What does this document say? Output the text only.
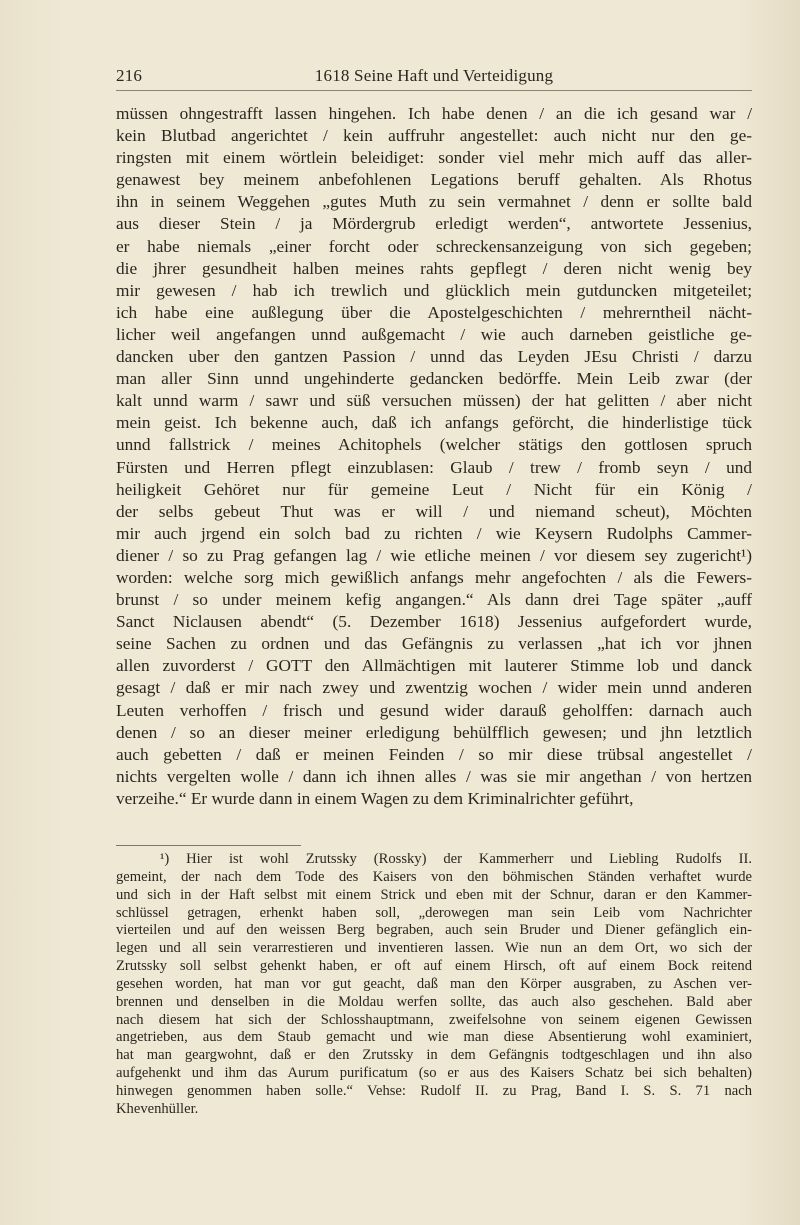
216	1618 Seine Haft und Verteidigung
müssen ohngestrafft lassen hingehen. Ich habe denen / an die ich gesand war /
kein Blutbad angerichtet / kein auffruhr angestellet: auch nicht nur den ge-
ringsten mit einem wörtlein beleidiget: sonder viel mehr mich auff das aller-
genawest bey meinem anbefohlenen Legations beruff gehalten. Als Rhotus
ihn in seinem Weggehen „gutes Muth zu sein vermahnet / denn er sollte bald
aus dieser Stein / ja Mördergrub erledigt werden“, antwortete Jessenius,
er habe niemals „einer forcht oder schreckensanzeigung von sich gegeben;
die jhrer gesundheit halben meines rahts gepflegt / deren nicht wenig bey
mir gewesen / hab ich trewlich und glücklich mein gutduncken mitgeteilet;
ich habe eine außlegung über die Apostelgeschichten / mehrerntheil nächt-
licher weil angefangen unnd außgemacht / wie auch darneben geistliche ge-
dancken uber den gantzen Passion / unnd das Leyden JEsu Christi / darzu
man aller Sinn unnd ungehinderte gedancken bedörffe. Mein Leib zwar (der
kalt unnd warm / sawr und süß versuchen müssen) der hat gelitten / aber nicht
mein geist. Ich bekenne auch, daß ich anfangs geförcht, die hinderlistige tück
unnd fallstrick / meines Achitophels (welcher stätigs den gottlosen spruch
Fürsten und Herren pflegt einzublasen: Glaub / trew / fromb seyn / und
heiligkeit Gehöret nur für gemeine Leut / Nicht für ein König /
der selbs gebeut Thut was er will / und niemand scheut), Möchten
mir auch jrgend ein solch bad zu richten / wie Keysern Rudolphs Cammer-
diener / so zu Prag gefangen lag / wie etliche meinen / vor diesem sey zugericht¹)
worden: welche sorg mich gewißlich anfangs mehr angefochten / als die Fewers-
brunst / so under meinem kefig angangen.“ Als dann drei Tage später „auff
Sanct Niclausen abendt“ (5. Dezember 1618) Jessenius aufgefordert wurde,
seine Sachen zu ordnen und das Gefängnis zu verlassen „hat ich vor jhnen
allen zuvorderst / GOTT den Allmächtigen mit lauterer Stimme lob und danck
gesagt / daß er mir nach zwey und zwentzig wochen / wider mein unnd anderen
Leuten verhoffen / frisch und gesund wider darauß geholffen: darnach auch
denen / so an dieser meiner erledigung behülfflich gewesen; und jhn letztlich
auch gebetten / daß er meinen Feinden / so mir diese trübsal angestellet /
nichts vergelten wolle / dann ich ihnen alles / was sie mir angethan / von hertzen
verzeihe.“ Er wurde dann in einem Wagen zu dem Kriminalrichter geführt,
¹) Hier ist wohl Zrutssky (Rossky) der Kammerherr und Liebling Rudolfs II.
gemeint, der nach dem Tode des Kaisers von den böhmischen Ständen verhaftet wurde
und sich in der Haft selbst mit einem Strick und eben mit der Schnur, daran er den Kammer-
schlüssel getragen, erhenkt haben soll, „derowegen man sein Leib vom Nachrichter
vierteilen und auf den weissen Berg begraben, auch sein Bruder und Diener gefänglich ein-
legen und all sein verarrestieren und inventieren lassen. Wie nun an dem Ort, wo sich der
Zrutssky soll selbst gehenkt haben, er oft auf einem Hirsch, oft auf einem Bock reitend
gesehen worden, hat man vor gut geacht, daß man den Körper ausgraben, zu Aschen ver-
brennen und denselben in die Moldau werfen sollte, das auch also geschehen. Bald aber
nach diesem hat sich der Schlosshauptmann, zweifelsohne von seinem eigenen Gewissen
angetrieben, aus dem Staub gemacht und wie man diese Absentierung wohl examiniert,
hat man geargwohnt, daß er den Zrutssky in dem Gefängnis todtgeschlagen und ihn also
aufgehenkt und ihm das Aurum purificatum (so er aus des Kaisers Schatz bei sich behalten)
hinwegen genommen haben solle.“ Vehse: Rudolf II. zu Prag, Band I. S. S. 71 nach
Khevenhüller.
